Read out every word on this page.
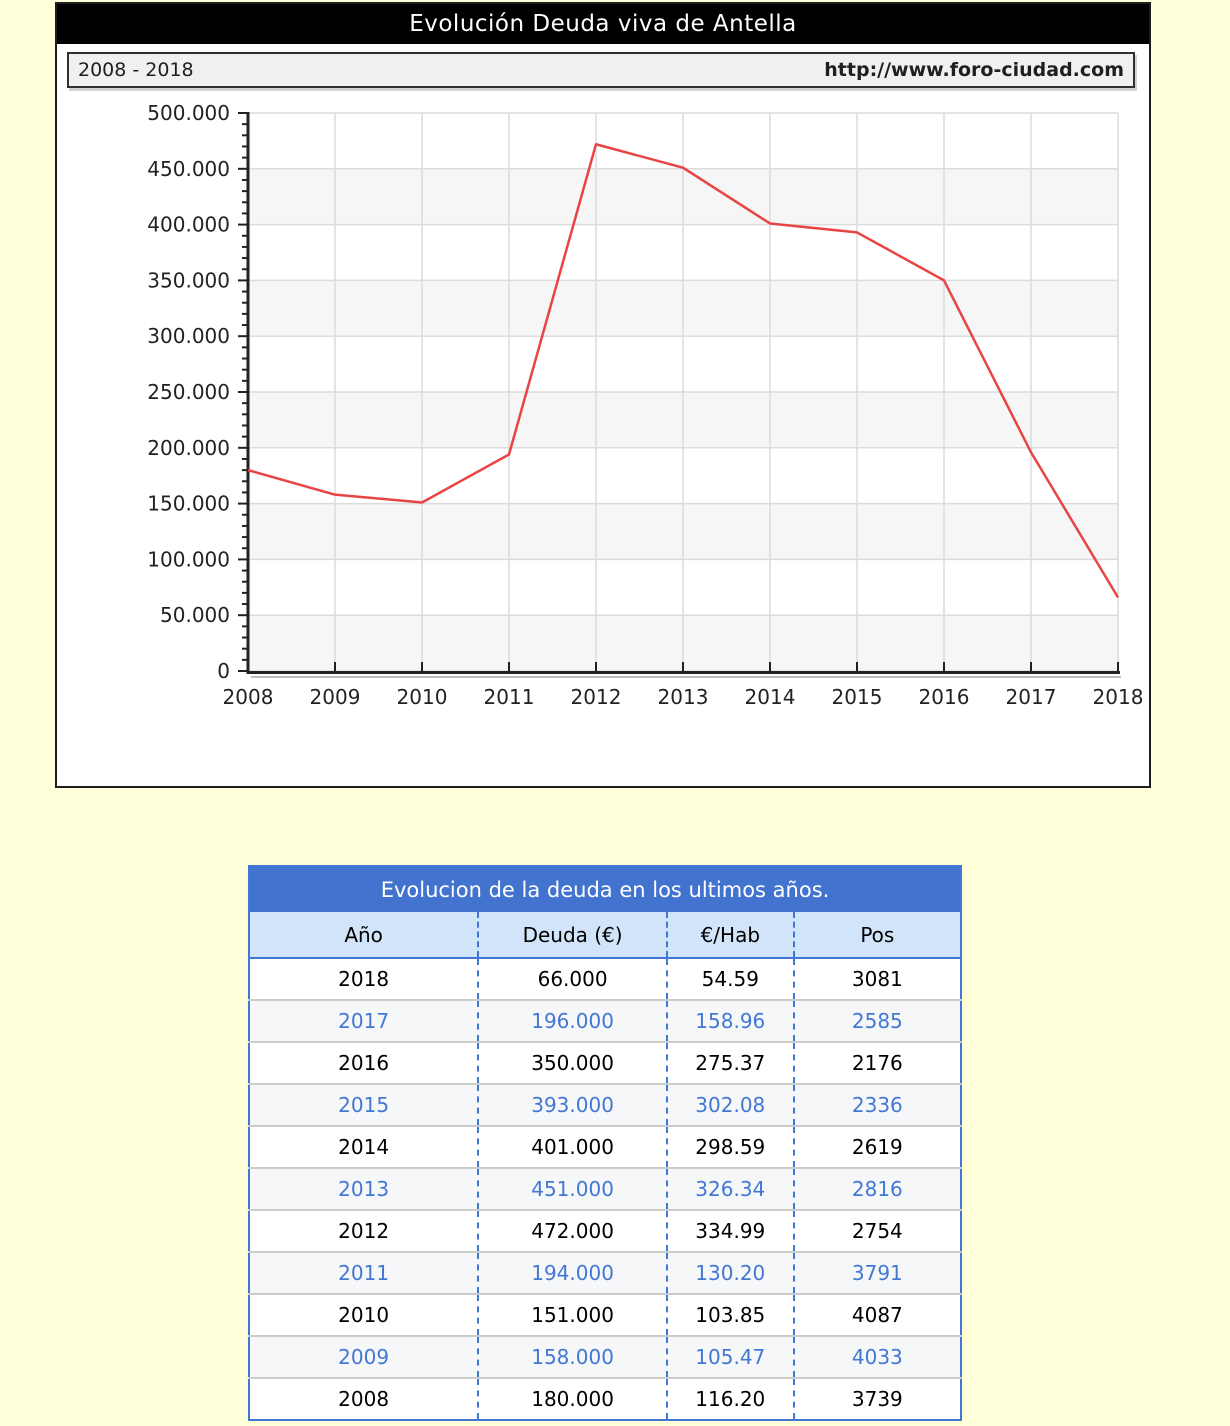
Evolución Deuda viva de Antella
2008 - 2018	http://www.foro-ciudad.com
0
50.000
100.000
150.000
200.000
250.000
300.000
350.000
400.000
450.000
500.000
2008 2009 2010 2011 2012 2013 2014 2015 2016 2017 2018
Evolucion de la deuda en los ultimos años.			
Año	Deuda (€)	€/Hab	Pos
2018	66.000	54.59	3081
2017	196.000	158.96	2585
2016	350.000	275.37	2176
2015	393.000	302.08	2336
2014	401.000	298.59	2619
2013	451.000	326.34	2816
2012	472.000	334.99	2754
2011	194.000	130.20	3791
2010	151.000	103.85	4087
2009	158.000	105.47	4033
2008	180.000	116.20	3739
